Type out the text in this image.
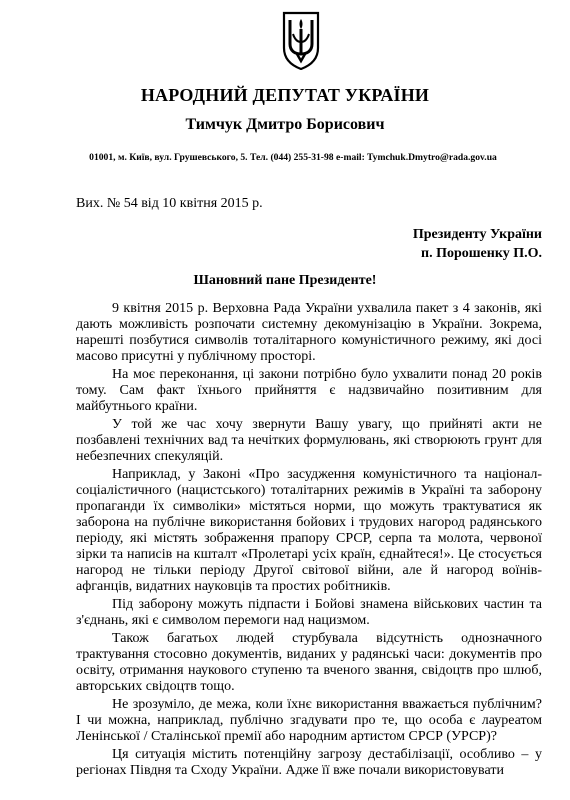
НАРОДНИЙ ДЕПУТАТ УКРАЇНИ
Тимчук Дмитро Борисович
01001, м. Київ, вул. Грушевського, 5. Тел. (044) 255-31-98 e-mail: Tymchuk.Dmytro@rada.gov.ua
Вих. № 54 від 10 квітня 2015 р.
Президенту України
п. Порошенку П.О.
Шановний пане Президенте!

9 квітня 2015 р. Верховна Рада України ухвалила пакет з 4 законів, які дають можливість розпочати системну декомунізацію в України. Зокрема, нарешті позбутися символів тоталітарного комуністичного режиму, які досі масово присутні у публічному просторі.

На моє переконання, ці закони потрібно було ухвалити понад 20 років тому. Сам факт їхнього прийняття є надзвичайно позитивним для майбутнього країни.

У той же час хочу звернути Вашу увагу, що прийняті акти не позбавлені технічних вад та нечітких формулювань, які створюють грунт для небезпечних спекуляцій.

Наприклад, у Законі «Про засудження комуністичного та націонал-соціалістичного (нацистського) тоталітарних режимів в Україні та заборону пропаганди їх символіки» містяться норми, що можуть трактуватися як заборона на публічне використання бойових і трудових нагород радянського періоду, які містять зображення прапору СРСР, серпа та молота, червоної зірки та написів на кшталт «Пролетарі усіх країн, єднайтеся!». Це стосується нагород не тільки періоду Другої світової війни, але й нагород воїнів-афганців, видатних науковців та простих робітників.

Під заборону можуть підпасти і Бойові знамена військових частин та з'єднань, які є символом перемоги над нацизмом.

Також багатьох людей стурбувала відсутність однозначного трактування стосовно документів, виданих у радянські часи: документів про освіту, отримання наукового ступеню та вченого звання, свідоцтв про шлюб, авторських свідоцтв тощо.

Не зрозуміло, де межа, коли їхнє використання вважається публічним? І чи можна, наприклад, публічно згадувати про те, що особа є лауреатом Ленінської / Сталінської премії або народним артистом СРСР (УРСР)?

Ця ситуація містить потенційну загрозу дестабілізації, особливо – у регіонах Півдня та Сходу України. Адже її вже почали використовувати
